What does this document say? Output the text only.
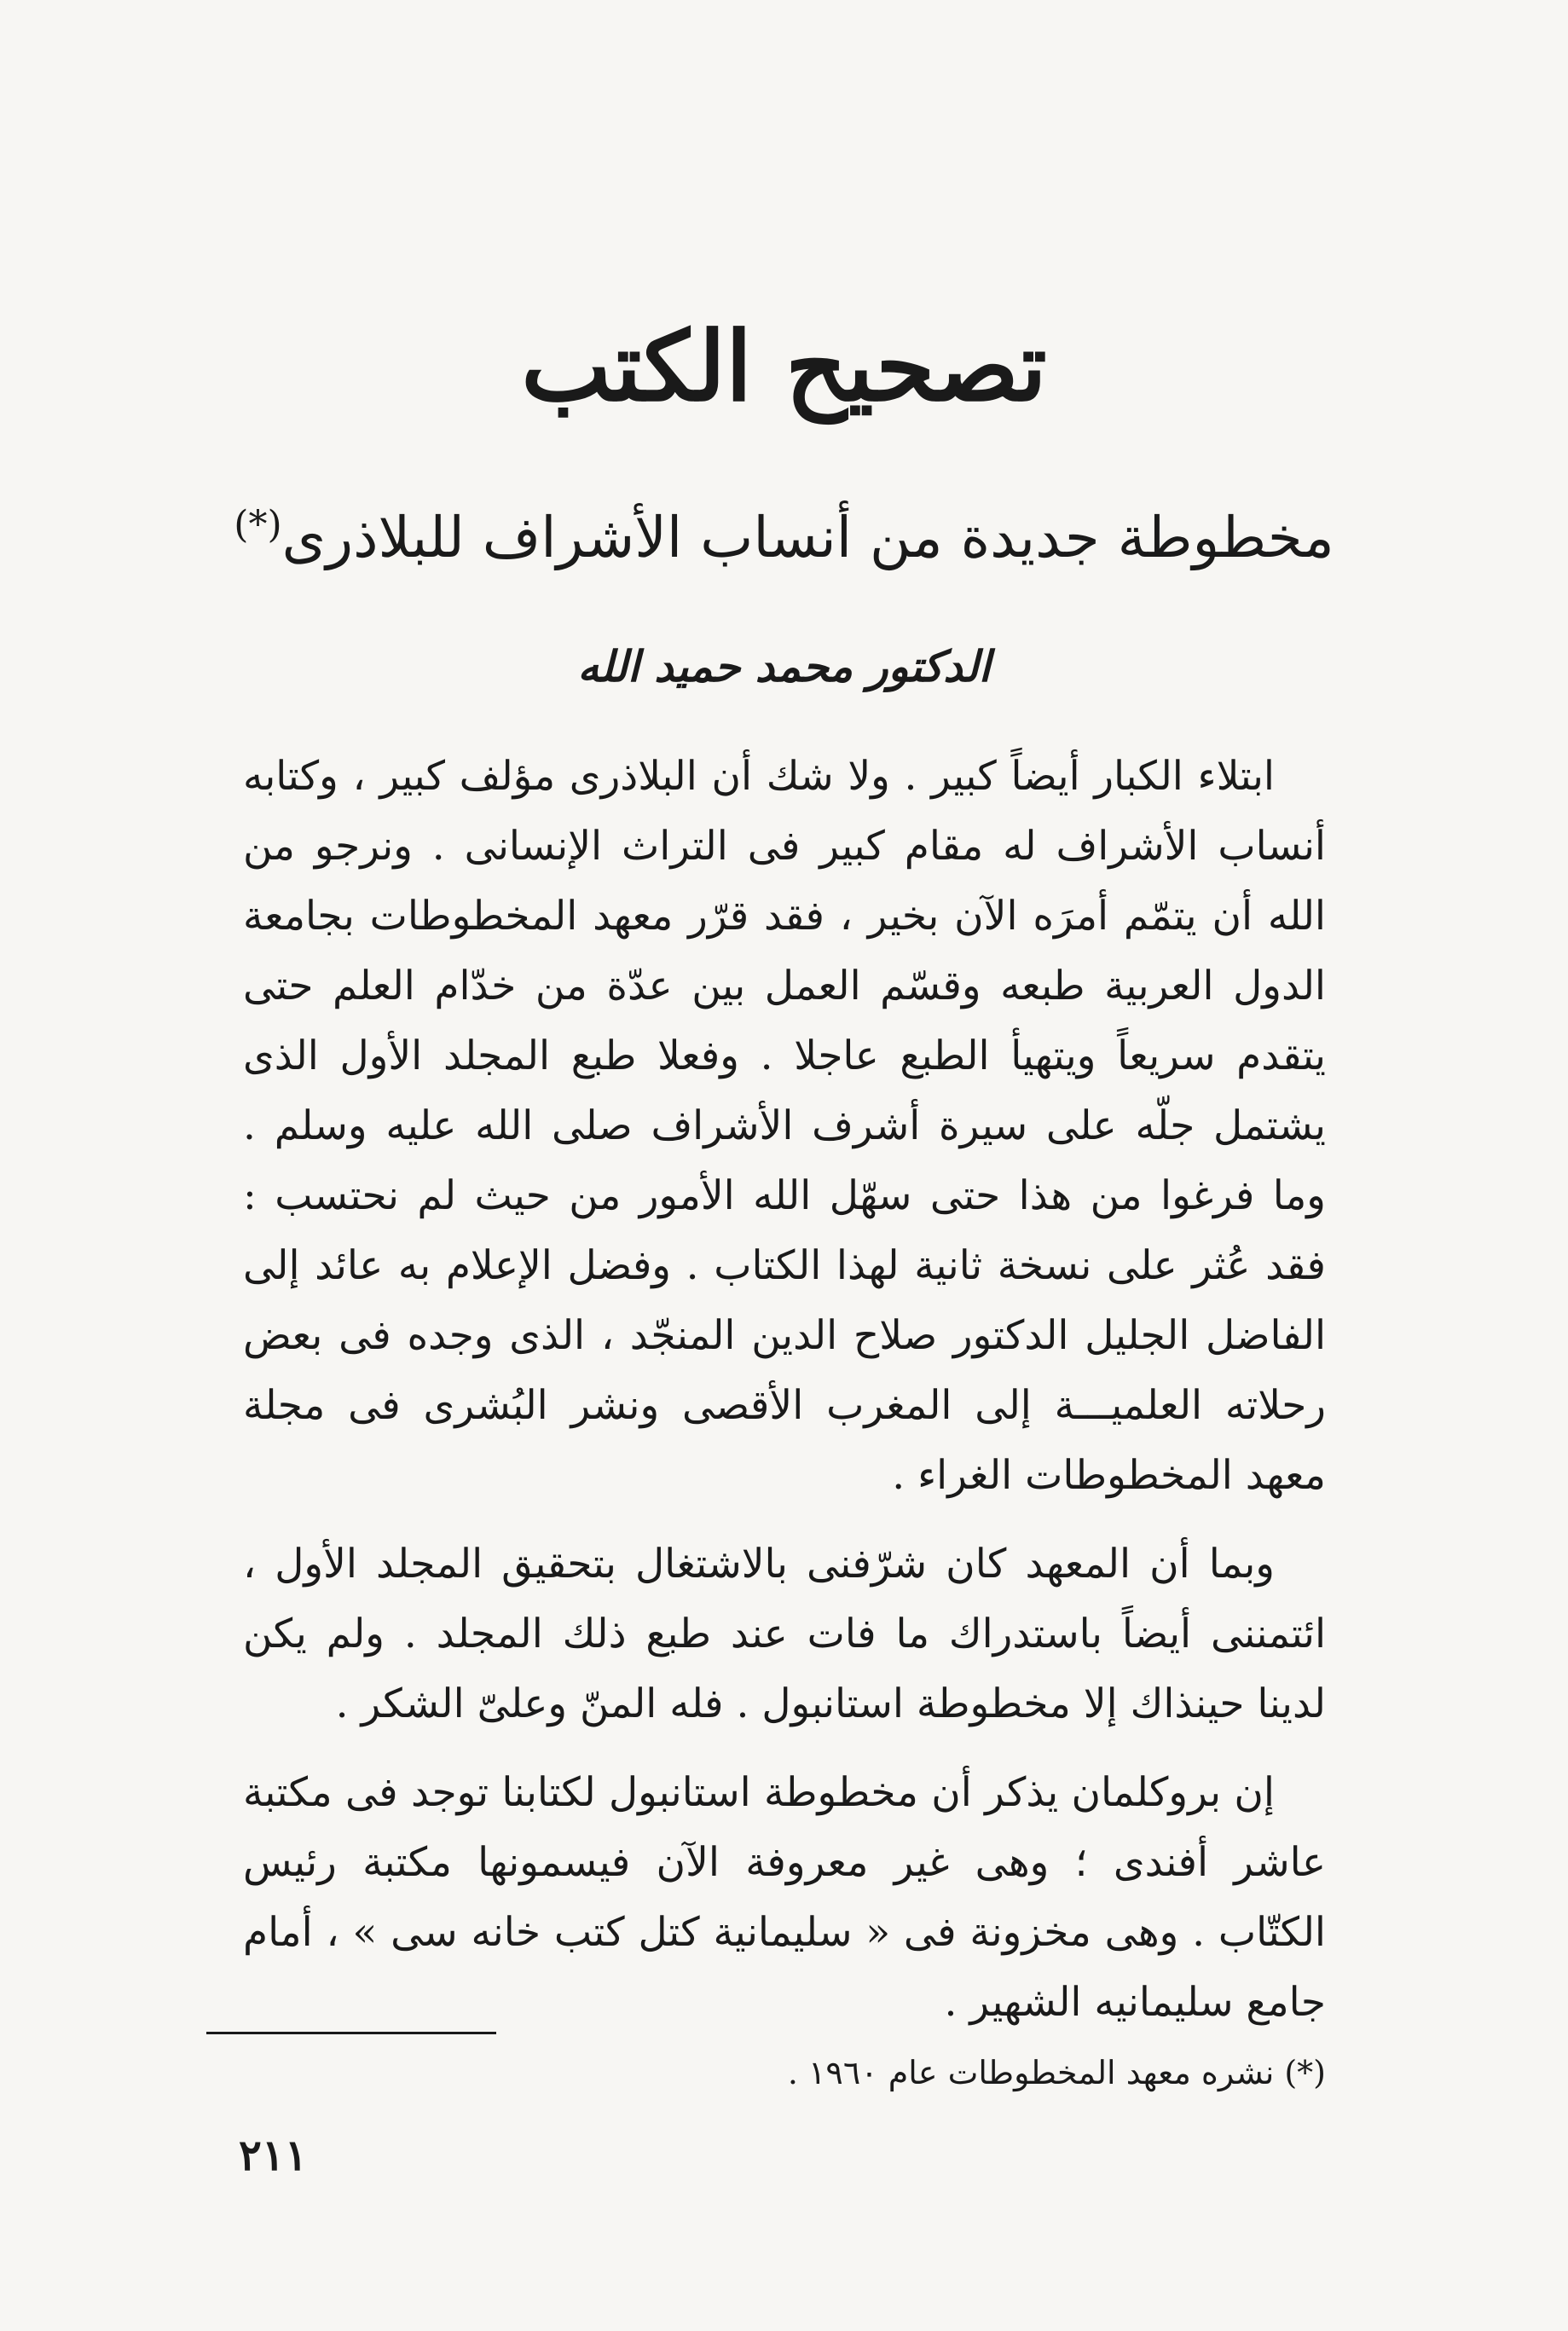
تصحيح الكتب
مخطوطة جديدة من أنساب الأشراف للبلاذرى(*)
الدكتور محمد حميد الله

ابتلاء الكبار أيضاً كبير . ولا شك أن البلاذرى مؤلف كبير ، وكتابه أنساب الأشراف له مقام كبير فى التراث الإنسانى . ونرجو من الله أن يتمّم أمرَه الآن بخير ، فقد قرّر معهد المخطوطات بجامعة الدول العربية طبعه وقسّم العمل بين عدّة من خدّام العلم حتى يتقدم سريعاً ويتهيأ الطبع عاجلا . وفعلا طبع المجلد الأول الذى يشتمل جلّه على سيرة أشرف الأشراف صلى الله عليه وسلم . وما فرغوا من هذا حتى سهّل الله الأمور من حيث لم نحتسب : فقد عُثر على نسخة ثانية لهذا الكتاب . وفضل الإعلام به عائد إلى الفاضل الجليل الدكتور صلاح الدين المنجّد ، الذى وجده فى بعض رحلاته العلميـــة إلى المغرب الأقصى ونشر البُشرى فى مجلة معهد المخطوطات الغراء .

وبما أن المعهد كان شرّفنى بالاشتغال بتحقيق المجلد الأول ، ائتمننى أيضاً باستدراك ما فات عند طبع ذلك المجلد . ولم يكن لدينا حينذاك إلا مخطوطة استانبول . فله المنّ وعلىّ الشكر .

إن بروكلمان يذكر أن مخطوطة استانبول لكتابنا توجد فى مكتبة عاشر أفندى ؛ وهى غير معروفة الآن فيسمونها مكتبة رئيس الكتّاب . وهى مخزونة فى « سليمانية كتل كتب خانه سى » ، أمام جامع سليمانيه الشهير .

(*) نشره معهد المخطوطات عام ١٩٦٠ .
٢١١
